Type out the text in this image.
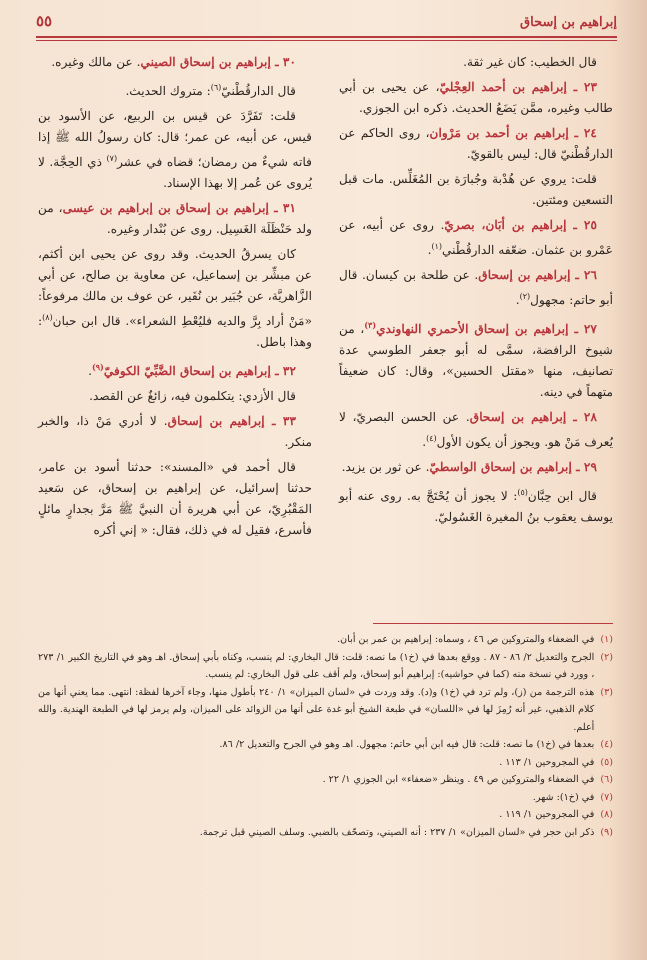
إبراهيم بن إسحاق
٥٥

قال الخطيب: كان غير ثقة.

٢٣ ـ إبراهيم بن أحمد العِجْليّ، عن يحيى بن أبي طالب وغيره، ممَّن يَضَعُ الحديث. ذكره ابن الجوزي.

٢٤ ـ إبراهيم بن أحمد بن مَرْوان، روى الحاكم عن الدارقُطْنيّ قال: ليس بالقويّ.

قلت: يروي عن هُدْبة وجُبارَة بن المُغَلِّس. مات قبل التسعين ومئتين.

٢٥ ـ إبراهيم بن أبَان، بصريّ. روى عن أبيه، عن عَمْرو بن عثمان. ضعّفه الدارقُطْني$^{(١)}$.

٢٦ ـ إبراهيم بن إسحاق. عن طلحة بن كيسان. قال أبو حاتم: مجهول$^{(٢)}$.

٢٧ ـ إبراهيم بن إسحاق الأحمري النهاوندي$^{(٣)}$، من شيوخ الرافضة، سمَّى له أبو جعفر الطوسي عدة تصانيف، منها «مقتل الحسين»، وقال: كان ضعيفاً متهماً في دينه.

٢٨ ـ إبراهيم بن إسحاق. عن الحسن البصريّ، لا يُعرف مَنْ هو. ويجوز أن يكون الأول$^{(٤)}$.

٢٩ ـ إبراهيم بن إسحاق الواسطيّ. عن ثور بن يزيد.

قال ابن حِبَّان$^{(٥)}$: لا يجوز أن يُحْتَجَّ به. روى عنه أبو يوسف يعقوب بنُ المغيرة الغَسُوليّ.

٣٠ ـ إبراهيم بن إسحاق الصيني. عن مالك وغيره.

قال الدارقُطْنيّ$^{(٦)}$: متروك الحديث.

قلت: تَفَرَّدَ عن قيس بن الربيع، عن الأسود بن قيس، عن أبيه، عن عمر؛ قال: كان رسولُ الله ﷺ إذا فاته شيءٌ من رمضان؛ قضاه في عشر$^{(٧)}$ ذي الحِجَّة. لا يُروى عن عُمر إلا بهذا الإسناد.

٣١ ـ إبراهيم بن إسحاق بن إبراهيم بن عيسى، من ولد حَنْظَلَة الغَسِيل. روى عن بُنْدار وغيره.

كان يسرقُ الحديث. وقد روى عن يحيى ابن أكثم، عن مبشِّر بن إسماعيل، عن معاوية بن صالح، عن أبي الزَّاهريَّة، عن جُبَير بن نُفَير، عن عوف بن مالك مرفوعاً: «مَنْ أراد بِرَّ والديه فليُعْطِ الشعراء». قال ابن حبان$^{(٨)}$: وهذا باطل.

٣٢ ـ إبراهيم بن إسحاق الضَّبِّيّ الكوفيّ$^{(٩)}$.

قال الأزدي: يتكلمون فيه، زائغٌ عن القصد.

٣٣ ـ إبراهيم بن إسحاق. لا أدري مَنْ ذا، والخبر منكر.

قال أحمد في «المسند»: حدثنا أسود بن عامر، حدثنا إسرائيل، عن إبراهيم بن إسحاق، عن سَعيد المَقْبُرِيّ، عن أبي هريرة أن النبيَّ ﷺ مَرَّ بجدارٍ مائلٍ فأسرع، فقيل له في ذلك، فقال: « إني أكره

(١)
في الضعفاء والمتروكين ص ٤٦ ، وسماه: إبراهيم بن عمر بن أبان.
(٢)
الجرح والتعديل ٢/ ٨٦ - ٨٧ . ووقع بعدها في (خ١) ما نصه: قلت: قال البخاري: لم ينسب، وكناه بأبي إسحاق. اهـ وهو في التاريخ الكبير ١/ ٢٧٣ ، وورد في نسخة منه (كما في حواشيه): إبراهيم أبو إسحاق، ولم أقف على قول البخاري: لم ينسب.
(٣)
هذه الترجمة من (ز)، ولم ترد في (خ١) و(د). وقد وردت في «لسان الميزان» ١/ ٢٤٠ بأطول منها، وجاء آخرها لفظة: انتهى. مما يعني أنها من كلام الذهبي، غير أنه رُمِزَ لها في «اللسان» في طبعة الشيخ أبو غدة على أنها من الزوائد على الميزان، ولم يرمز لها في الطبعة الهندية. والله أعلم.
(٤)
بعدها في (خ١) ما نصه: قلت: قال فيه ابن أبي حاتم: مجهول. اهـ وهو في الجرح والتعديل ٢/ ٨٦.
(٥)
في المجروحين ١/ ١١٣ .
(٦)
في الضعفاء والمتروكين ص ٤٩ . وينظر «ضعفاء» ابن الجوزي ١/ ٢٢ .
(٧)
في (خ١): شهر.
(٨)
في المجروحين ١/ ١١٩ .
(٩)
ذكر ابن حجر في «لسان الميزان» ١/ ٢٣٧ : أنه الصيني، وتصحّف بالضبي. وسلف الصيني قبل ترجمة.
